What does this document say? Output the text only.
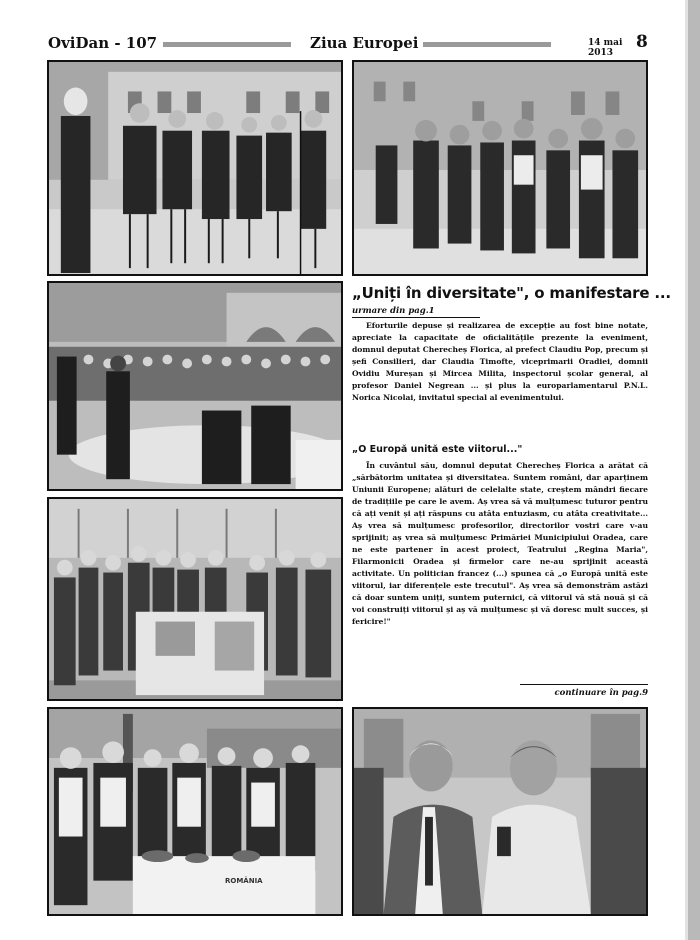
OviDan - 107	Ziua Europei	14 mai 2013
8
ROMÂNIA
„Uniți în diversitate", o manifestare ...
urmare din pag.1

Eforturile depuse și realizarea de excepție au fost bine notate, apreciate la capacitate de oficialitățile prezente la eveniment, domnul deputat Cherecheș Florica, al prefect Claudiu Pop, precum și șefi Consilieri, dar Claudia Timofte, viceprimarii Oradiei, domnii Ovidiu Mureșan și Mircea Milita, inspectorul școlar general, al profesor Daniel Negrean ... și plus la europarlamentarul P.N.L. Norica Nicolai, invitatul special al evenimentului.

„O Europă unită este viitorul..."

În cuvântul său, domnul deputat Cherecheș Florica a arătat că „sărbătorim unitatea și diversitatea. Suntem români, dar aparținem Uniunii Europene; alături de celelalte state, creștem mândri fiecare de tradițiile pe care le avem. Aș vrea să vă mulțumesc tuturor pentru că ați venit și ați răspuns cu atâta entuziasm, cu atâta creativitate... Aș vrea să mulțumesc profesorilor, directorilor vostri care v-au sprijinit; aș vrea să mulțumesc Primăriei Municipiului Oradea, care ne este partener în acest proiect, Teatrului „Regina Maria", Filarmonicii Oradea și firmelor care ne-au sprijinit această activitate. Un politician francez (...) spunea că „o Europă unită este viitorul, iar diferențele este trecutul". Aș vrea să demonstrăm astăzi că doar suntem uniți, suntem puternici, că viitorul vă stă nouă și că voi construiți viitorul și aș vă mulțumesc și vă doresc mult succes, și fericire!"

continuare în pag.9
